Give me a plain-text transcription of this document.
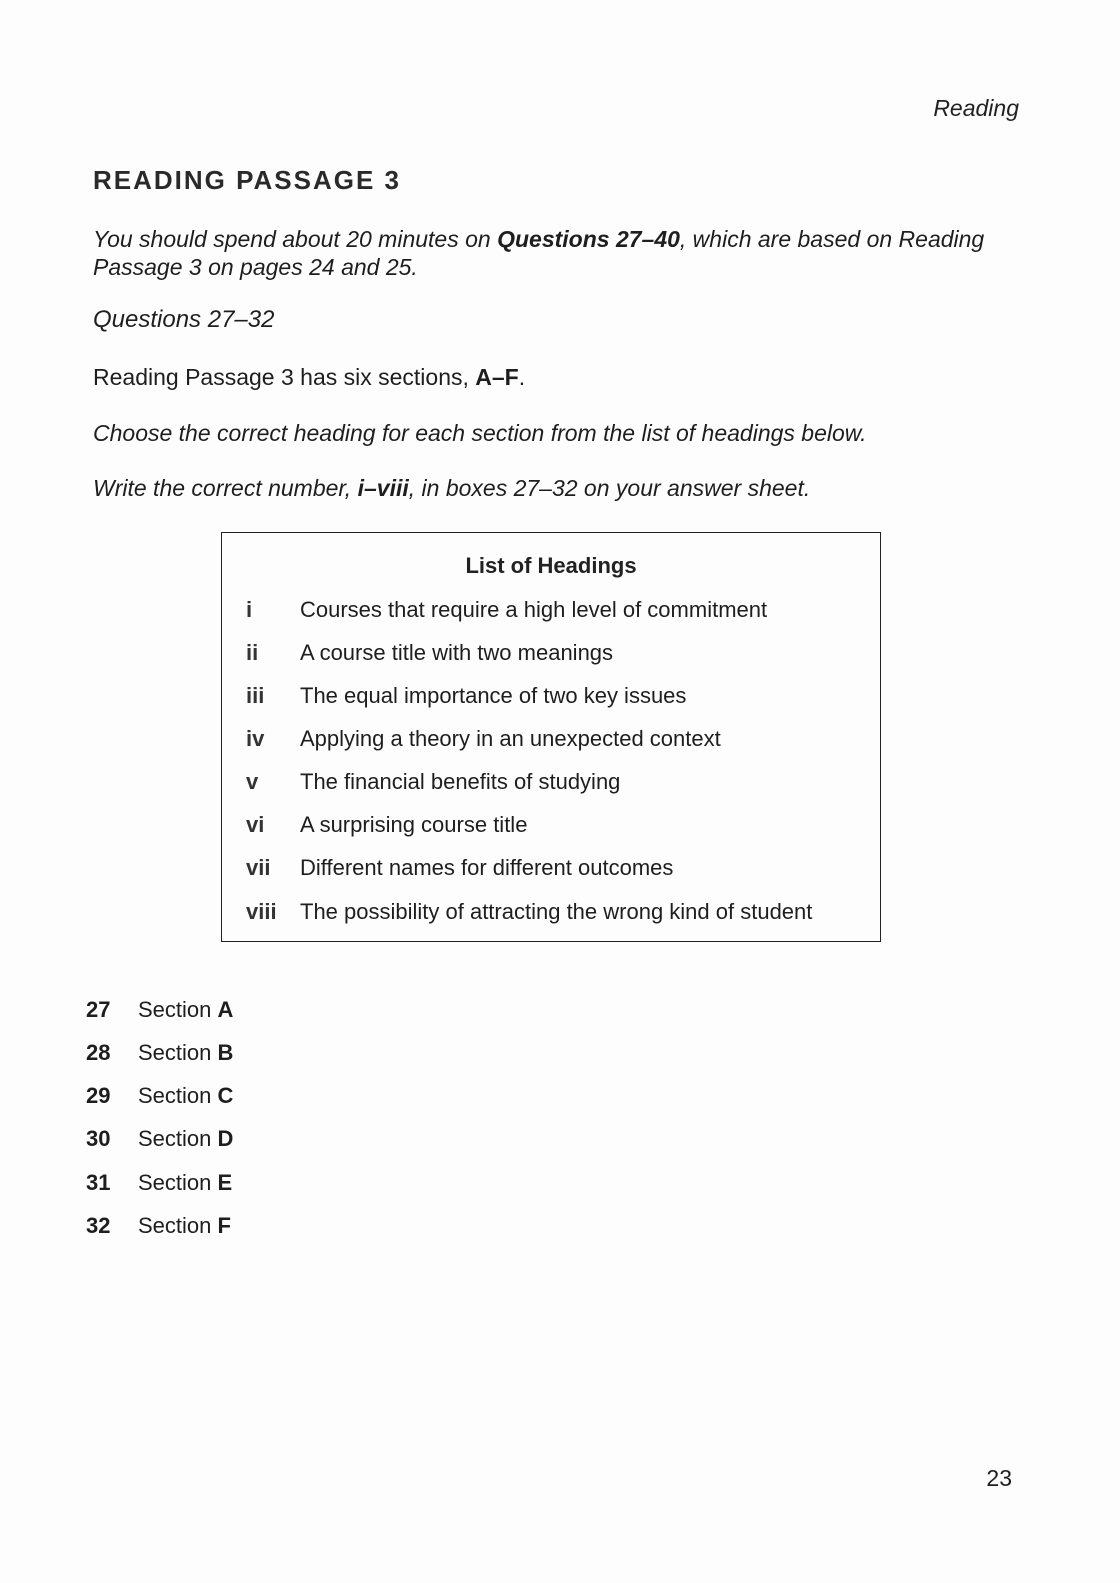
Reading
READING PASSAGE 3
You should spend about 20 minutes on Questions 27–40, which are based on Reading Passage 3 on pages 24 and 25.
Questions 27–32
Reading Passage 3 has six sections, A–F.
Choose the correct heading for each section from the list of headings below.
Write the correct number, i–viii, in boxes 27–32 on your answer sheet.
List of Headings
i	Courses that require a high level of commitment
ii	A course title with two meanings
iii	The equal importance of two key issues
iv	Applying a theory in an unexpected context
v	The financial benefits of studying
vi	A surprising course title
vii	Different names for different outcomes
viii	The possibility of attracting the wrong kind of student
27 Section A
28 Section B
29 Section C
30 Section D
31 Section E
32 Section F
23
